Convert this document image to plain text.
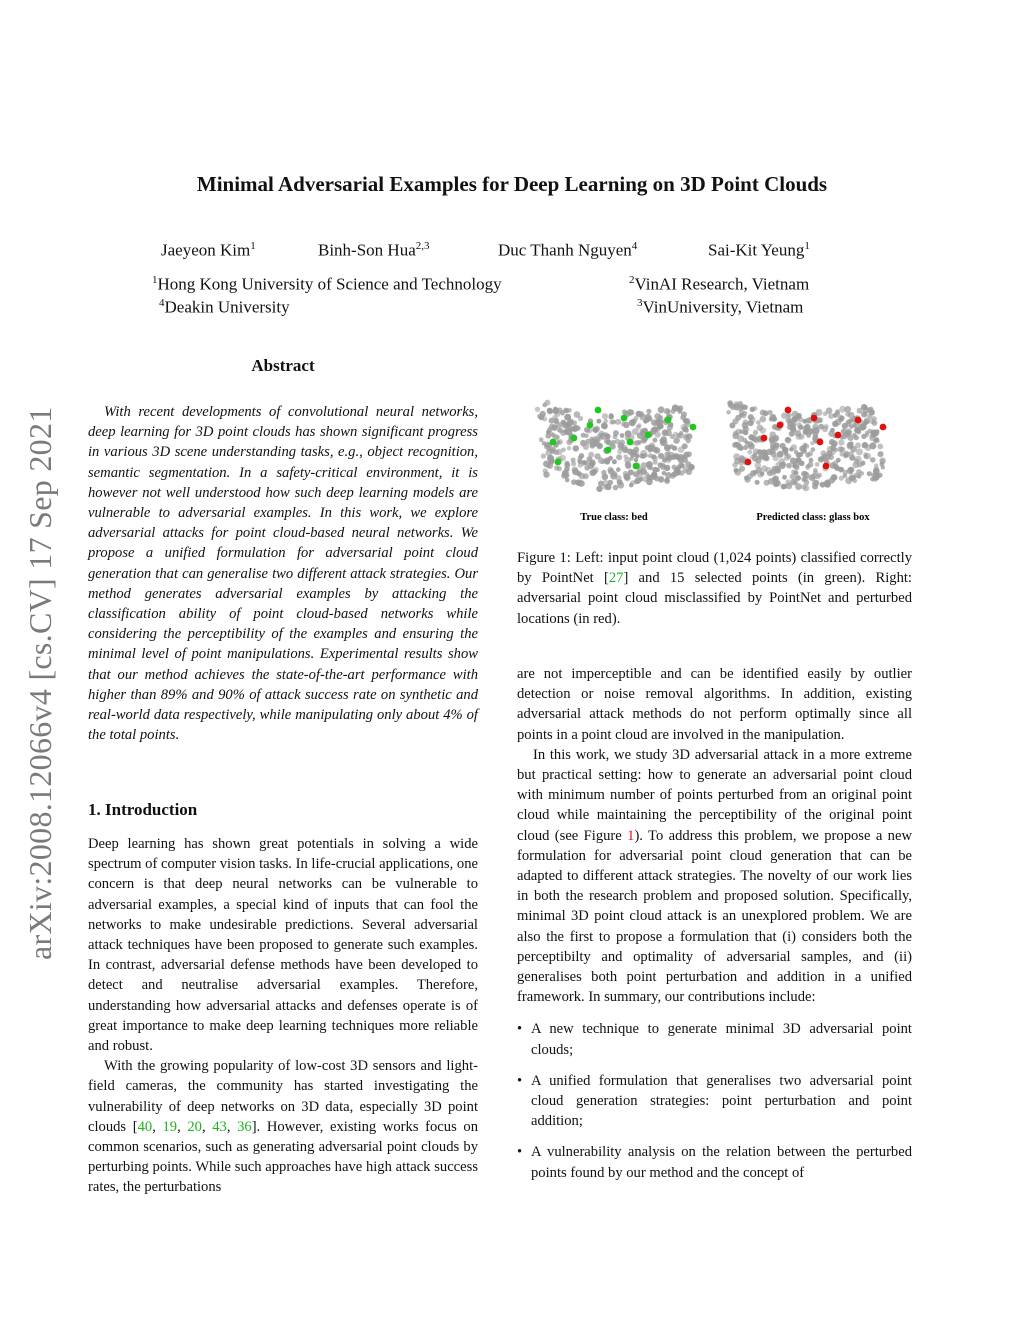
Minimal Adversarial Examples for Deep Learning on 3D Point Clouds
Jaeyeon Kim$^1$	Binh-Son Hua$^{2,3}$	Duc Thanh Nguyen$^4$	Sai-Kit Yeung$^1$
$^1$Hong Kong University of Science and Technology	$^2$VinAI Research, Vietnam
$^4$Deakin University	$^3$VinUniversity, Vietnam
arXiv:2008.12066v4 [cs.CV] 17 Sep 2021
Abstract

With recent developments of convolutional neural networks, deep learning for 3D point clouds has shown significant progress in various 3D scene understanding tasks, e.g., object recognition, semantic segmentation. In a safety-critical environment, it is however not well understood how such deep learning models are vulnerable to adversarial examples. In this work, we explore adversarial attacks for point cloud-based neural networks. We propose a unified formulation for adversarial point cloud generation that can generalise two different attack strategies. Our method generates adversarial examples by attacking the classification ability of point cloud-based networks while considering the perceptibility of the examples and ensuring the minimal level of point manipulations. Experimental results show that our method achieves the state-of-the-art performance with higher than 89% and 90% of attack success rate on synthetic and real-world data respectively, while manipulating only about 4% of the total points.

1. Introduction

Deep learning has shown great potentials in solving a wide spectrum of computer vision tasks. In life-crucial applications, one concern is that deep neural networks can be vulnerable to adversarial examples, a special kind of inputs that can fool the networks to make undesirable predictions. Several adversarial attack techniques have been proposed to generate such examples. In contrast, adversarial defense methods have been developed to detect and neutralise adversarial examples. Therefore, understanding how adversarial attacks and defenses operate is of great importance to make deep learning techniques more reliable and robust.

With the growing popularity of low-cost 3D sensors and light-field cameras, the community has started investigating the vulnerability of deep networks on 3D data, especially 3D point clouds [40, 19, 20, 43, 36]. However, existing works focus on common scenarios, such as generating adversarial point clouds by perturbing points. While such approaches have high attack success rates, the perturbations

True class: bed	Predicted class: glass box

Figure 1: Left: input point cloud (1,024 points) classified correctly by PointNet [27] and 15 selected points (in green). Right: adversarial point cloud misclassified by PointNet and perturbed locations (in red).

are not imperceptible and can be identified easily by outlier detection or noise removal algorithms. In addition, existing adversarial attack methods do not perform optimally since all points in a point cloud are involved in the manipulation.

In this work, we study 3D adversarial attack in a more extreme but practical setting: how to generate an adversarial point cloud with minimum number of points perturbed from an original point cloud while maintaining the perceptibility of the original point cloud (see Figure 1). To address this problem, we propose a new formulation for adversarial point cloud generation that can be adapted to different attack strategies. The novelty of our work lies in both the research problem and proposed solution. Specifically, minimal 3D point cloud attack is an unexplored problem. We are also the first to propose a formulation that (i) considers both the perceptibilty and optimality of adversarial samples, and (ii) generalises both point perturbation and addition in a unified framework. In summary, our contributions include:

• A new technique to generate minimal 3D adversarial point clouds;
• A unified formulation that generalises two adversarial point cloud generation strategies: point perturbation and point addition;
• A vulnerability analysis on the relation between the perturbed points found by our method and the concept of
